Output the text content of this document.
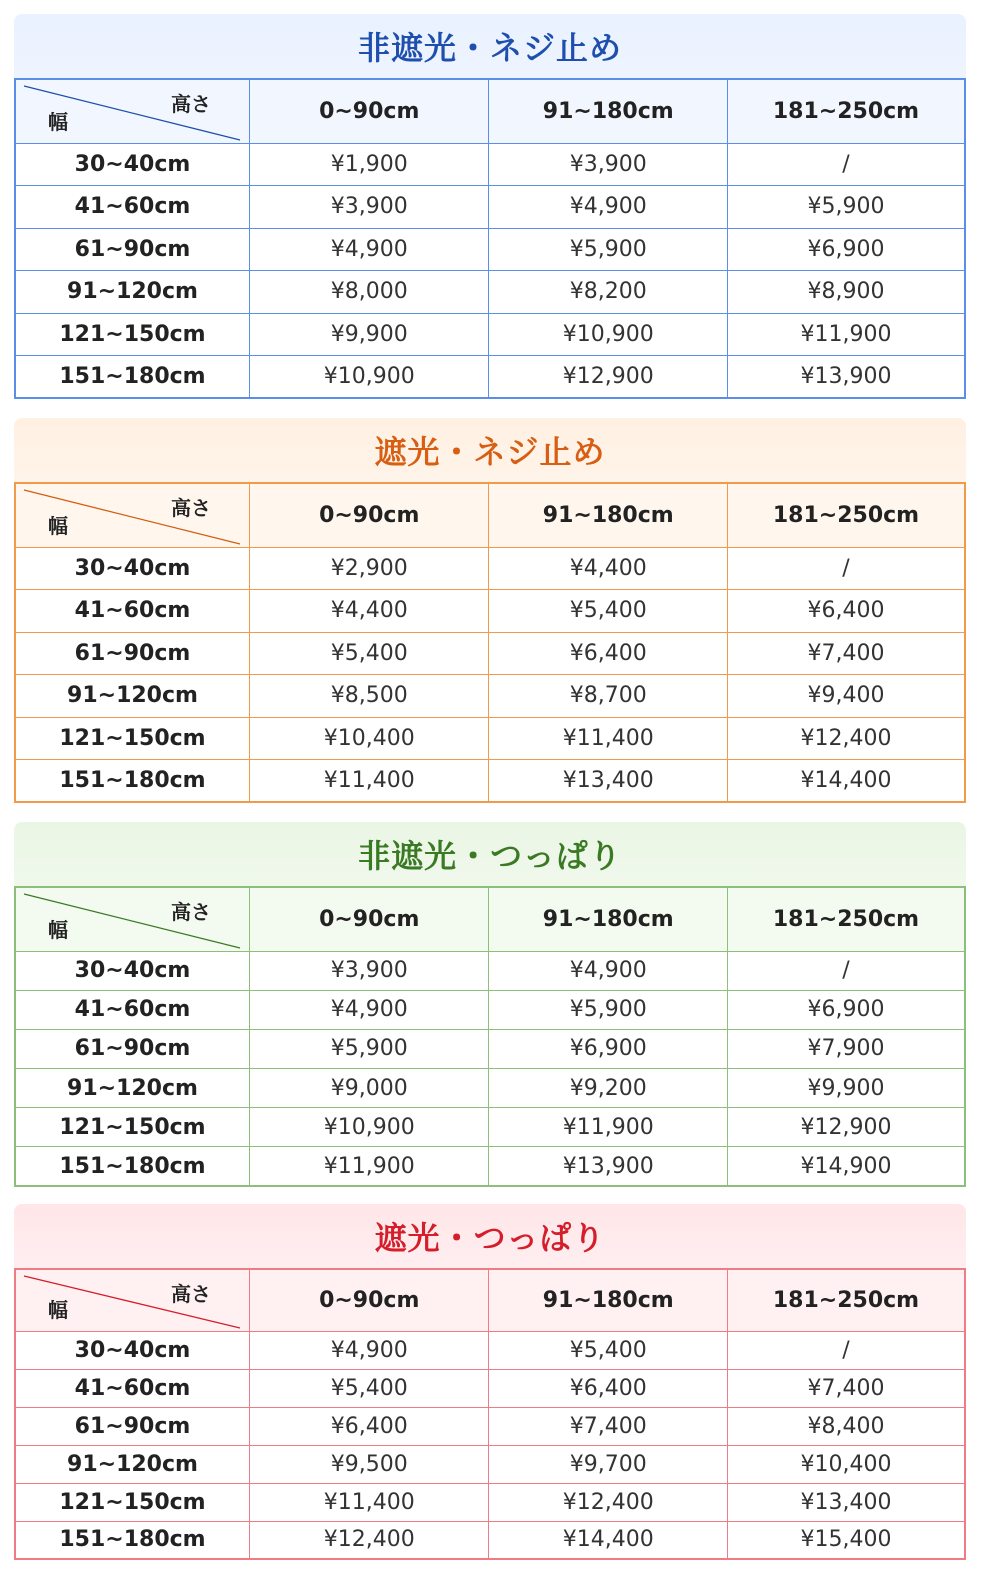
非遮光・ネジ止め
高さ
幅	0~90cm	91~180cm	181~250cm
30~40cm	¥1,900	¥3,900	/
41~60cm	¥3,900	¥4,900	¥5,900
61~90cm	¥4,900	¥5,900	¥6,900
91~120cm	¥8,000	¥8,200	¥8,900
121~150cm	¥9,900	¥10,900	¥11,900
151~180cm	¥10,900	¥12,900	¥13,900
遮光・ネジ止め
高さ
幅	0~90cm	91~180cm	181~250cm
30~40cm	¥2,900	¥4,400	/
41~60cm	¥4,400	¥5,400	¥6,400
61~90cm	¥5,400	¥6,400	¥7,400
91~120cm	¥8,500	¥8,700	¥9,400
121~150cm	¥10,400	¥11,400	¥12,400
151~180cm	¥11,400	¥13,400	¥14,400
非遮光・つっぱり
高さ
幅	0~90cm	91~180cm	181~250cm
30~40cm	¥3,900	¥4,900	/
41~60cm	¥4,900	¥5,900	¥6,900
61~90cm	¥5,900	¥6,900	¥7,900
91~120cm	¥9,000	¥9,200	¥9,900
121~150cm	¥10,900	¥11,900	¥12,900
151~180cm	¥11,900	¥13,900	¥14,900
遮光・つっぱり
高さ
幅	0~90cm	91~180cm	181~250cm
30~40cm	¥4,900	¥5,400	/
41~60cm	¥5,400	¥6,400	¥7,400
61~90cm	¥6,400	¥7,400	¥8,400
91~120cm	¥9,500	¥9,700	¥10,400
121~150cm	¥11,400	¥12,400	¥13,400
151~180cm	¥12,400	¥14,400	¥15,400
